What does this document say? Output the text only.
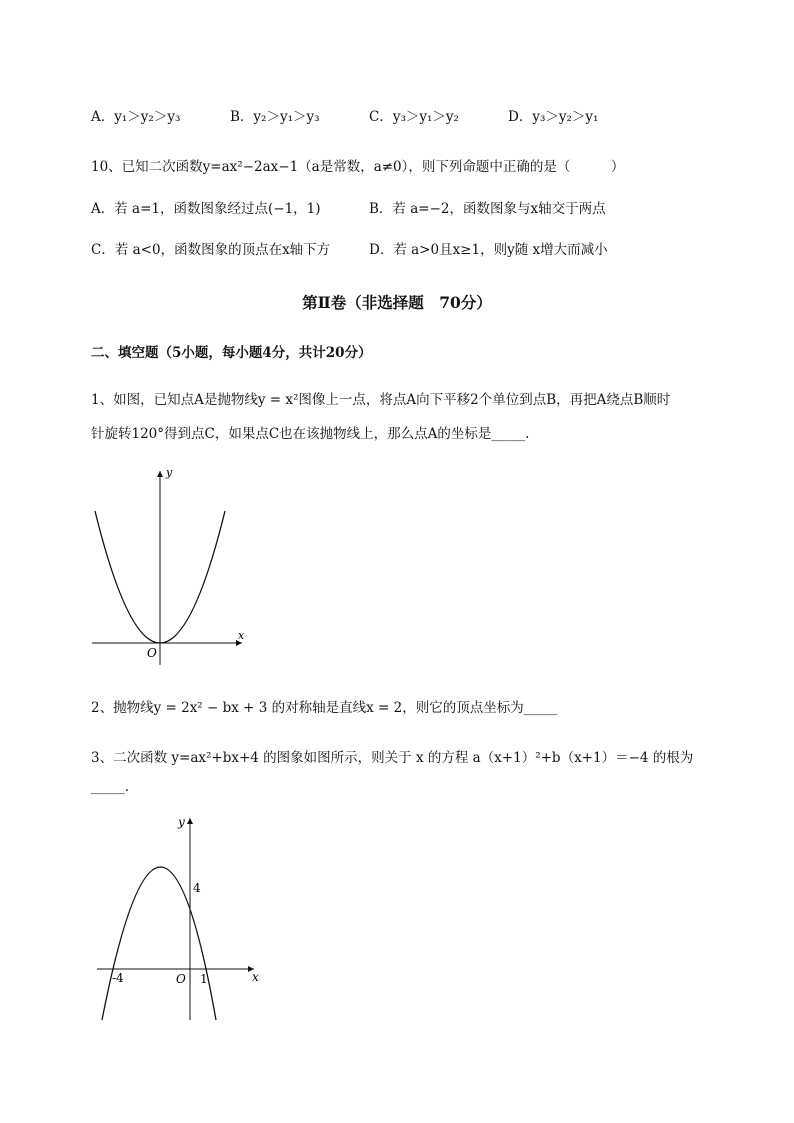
A．y₁＞y₂＞y₃	B．y₂＞y₁＞y₃	C．y₃＞y₁＞y₂	D．y₃＞y₂＞y₁
10、已知二次函数y=ax²−2ax−1（a是常数，a≠0），则下列命题中正确的是（　　　）
A．若 a=1，函数图象经过点(−1，1)	B．若 a=−2，函数图象与x轴交于两点
C．若 a<0，函数图象的顶点在x轴下方	D．若 a>0且x≥1，则y随 x增大而减小
第Ⅱ卷（非选择题　70分）
二、填空题（5小题，每小题4分，共计20分）
1、如图，已知点A是抛物线y = x²图像上一点，将点A向下平移2个单位到点B，再把A绕点B顺时
针旋转120°得到点C，如果点C也在该抛物线上，那么点A的坐标是_____.
y
x
O
2、抛物线y = 2x² − bx + 3 的对称轴是直线x = 2，则它的顶点坐标为_____
3、二次函数 y=ax²+bx+4 的图象如图所示，则关于 x 的方程 a（x+1）²+b（x+1）＝−4 的根为
_____.
y
x
O
4
-4	1
